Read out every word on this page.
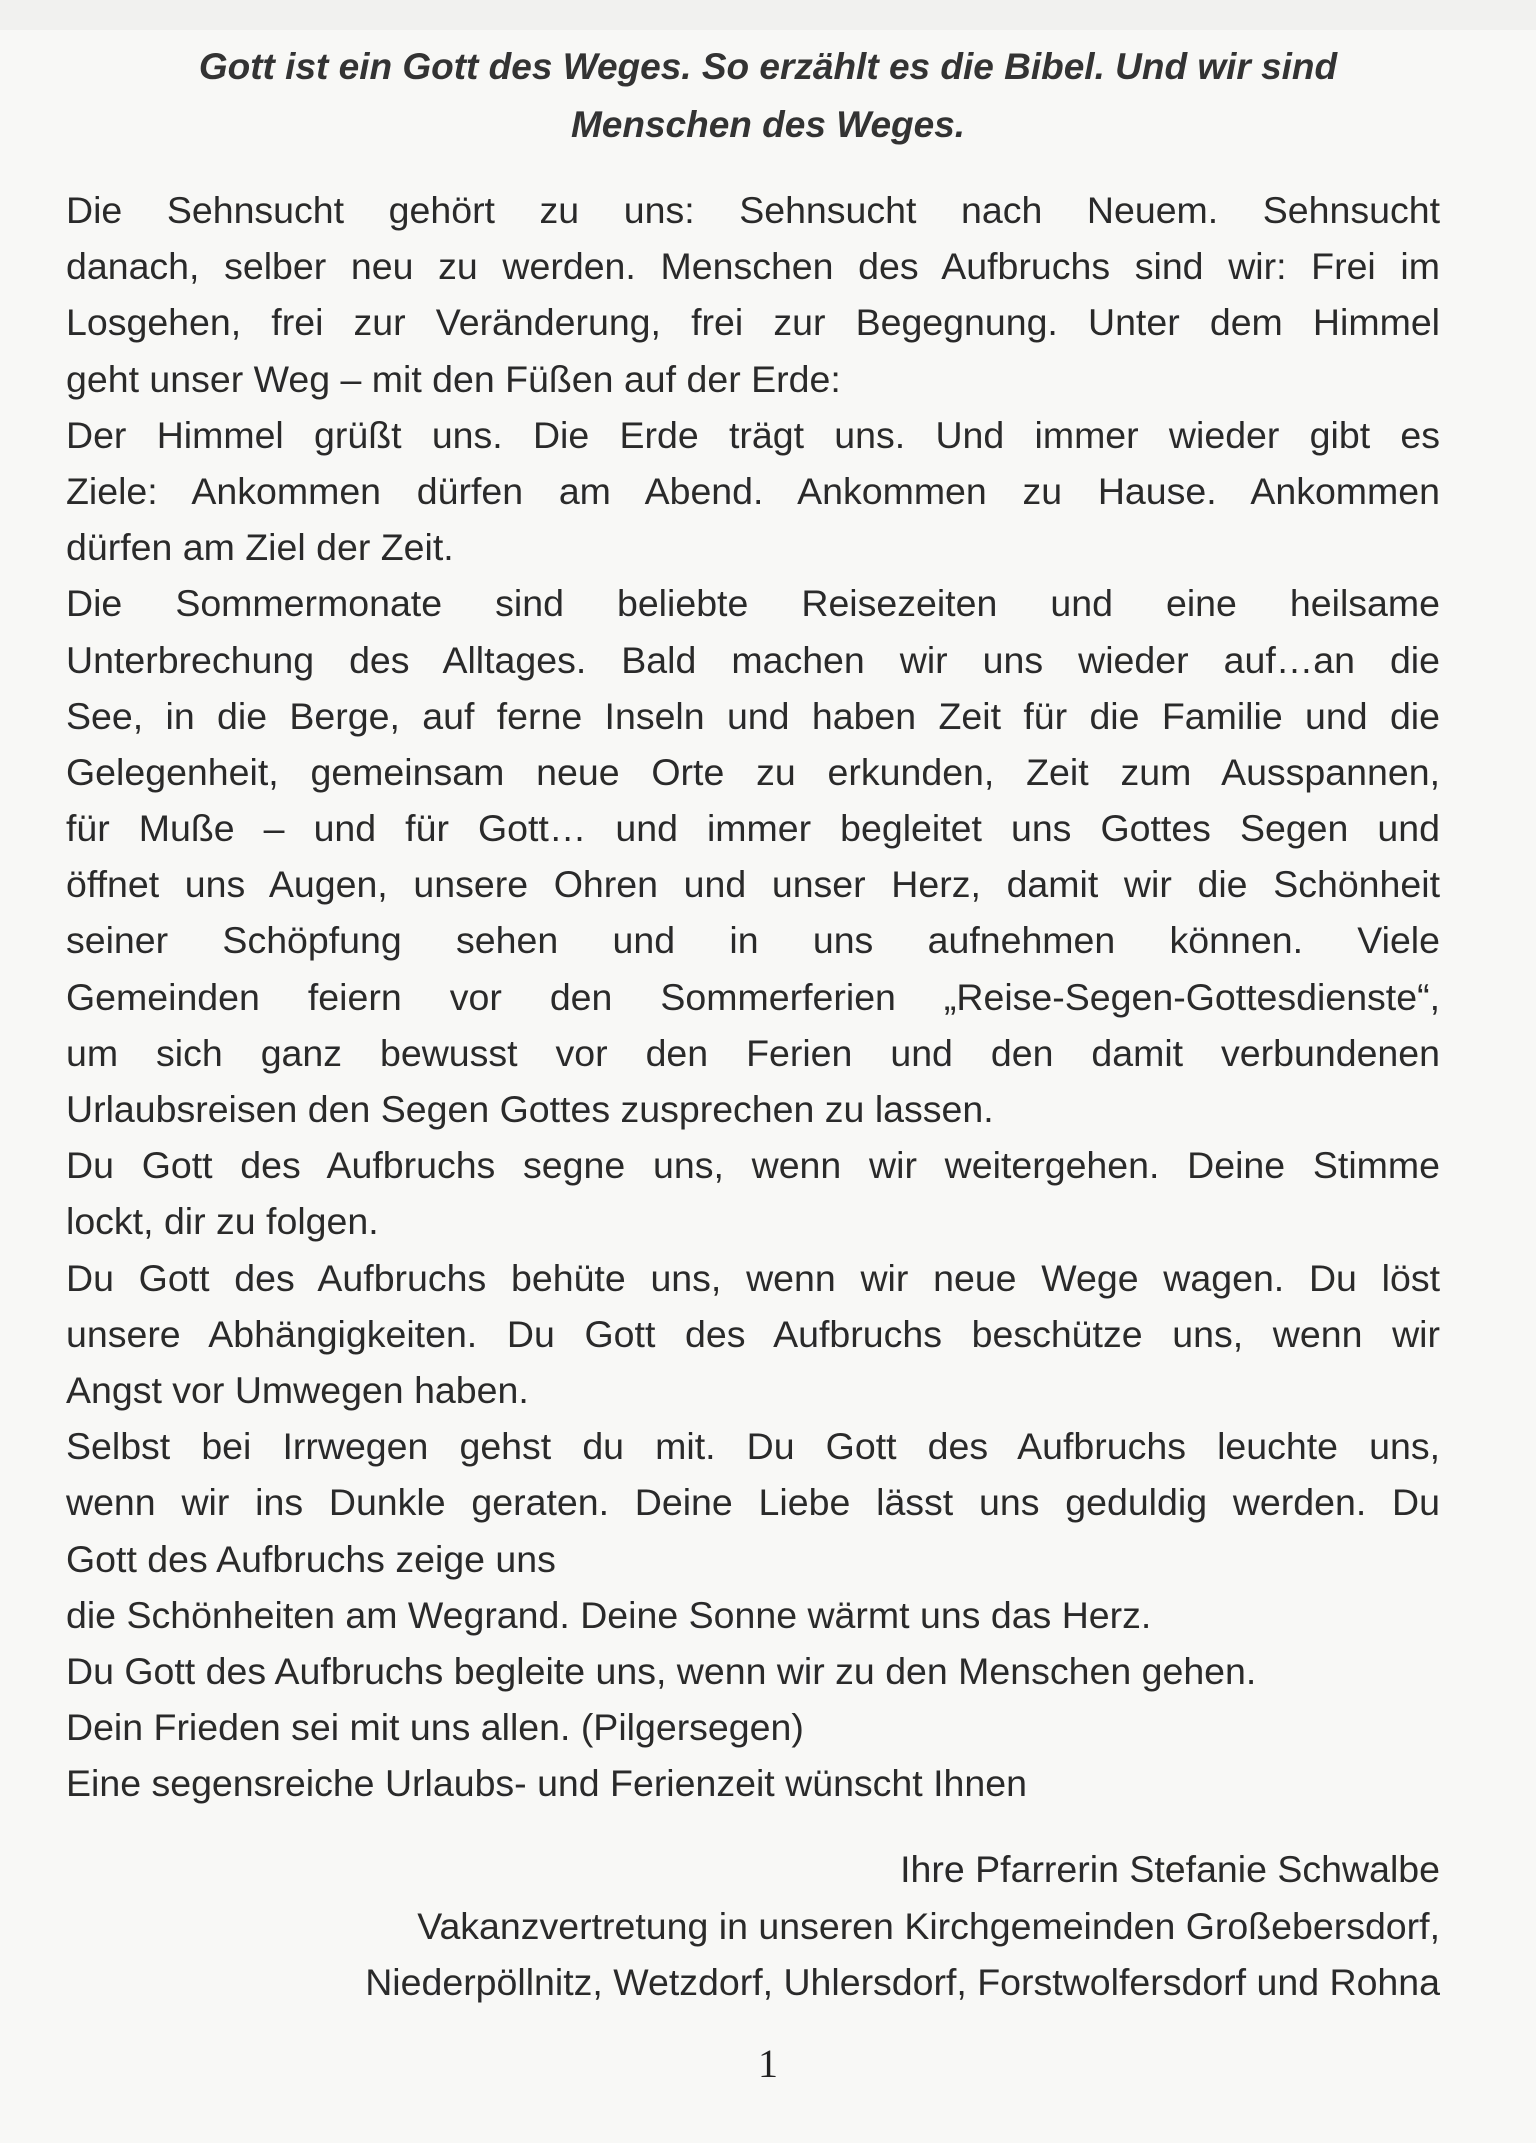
Gott ist ein Gott des Weges. So erzählt es die Bibel. Und wir sind
Menschen des Weges.
Die Sehnsucht gehört zu uns: Sehnsucht nach Neuem. Sehnsucht
danach, selber neu zu werden. Menschen des Aufbruchs sind wir: Frei im
Losgehen, frei zur Veränderung, frei zur Begegnung. Unter dem Himmel
geht unser Weg – mit den Füßen auf der Erde:
Der Himmel grüßt uns. Die Erde trägt uns. Und immer wieder gibt es
Ziele: Ankommen dürfen am Abend. Ankommen zu Hause. Ankommen
dürfen am Ziel der Zeit.
Die Sommermonate sind beliebte Reisezeiten und eine heilsame
Unterbrechung des Alltages. Bald machen wir uns wieder auf…an die
See, in die Berge, auf ferne Inseln und haben Zeit für die Familie und die
Gelegenheit, gemeinsam neue Orte zu erkunden, Zeit zum Ausspannen,
für Muße – und für Gott… und immer begleitet uns Gottes Segen und
öffnet uns Augen, unsere Ohren und unser Herz, damit wir die Schönheit
seiner Schöpfung sehen und in uns aufnehmen können. Viele
Gemeinden feiern vor den Sommerferien „Reise-Segen-Gottesdienste“,
um sich ganz bewusst vor den Ferien und den damit verbundenen
Urlaubsreisen den Segen Gottes zusprechen zu lassen.
Du Gott des Aufbruchs segne uns, wenn wir weitergehen. Deine Stimme
lockt, dir zu folgen.
Du Gott des Aufbruchs behüte uns, wenn wir neue Wege wagen. Du löst
unsere Abhängigkeiten. Du Gott des Aufbruchs beschütze uns, wenn wir
Angst vor Umwegen haben.
Selbst bei Irrwegen gehst du mit. Du Gott des Aufbruchs leuchte uns,
wenn wir ins Dunkle geraten. Deine Liebe lässt uns geduldig werden. Du
Gott des Aufbruchs zeige uns
die Schönheiten am Wegrand. Deine Sonne wärmt uns das Herz.
Du Gott des Aufbruchs begleite uns, wenn wir zu den Menschen gehen.
Dein Frieden sei mit uns allen. (Pilgersegen)
Eine segensreiche Urlaubs- und Ferienzeit wünscht Ihnen
Ihre Pfarrerin Stefanie Schwalbe
Vakanzvertretung in unseren Kirchgemeinden Großebersdorf,
Niederpöllnitz, Wetzdorf, Uhlersdorf, Forstwolfersdorf und Rohna
1
